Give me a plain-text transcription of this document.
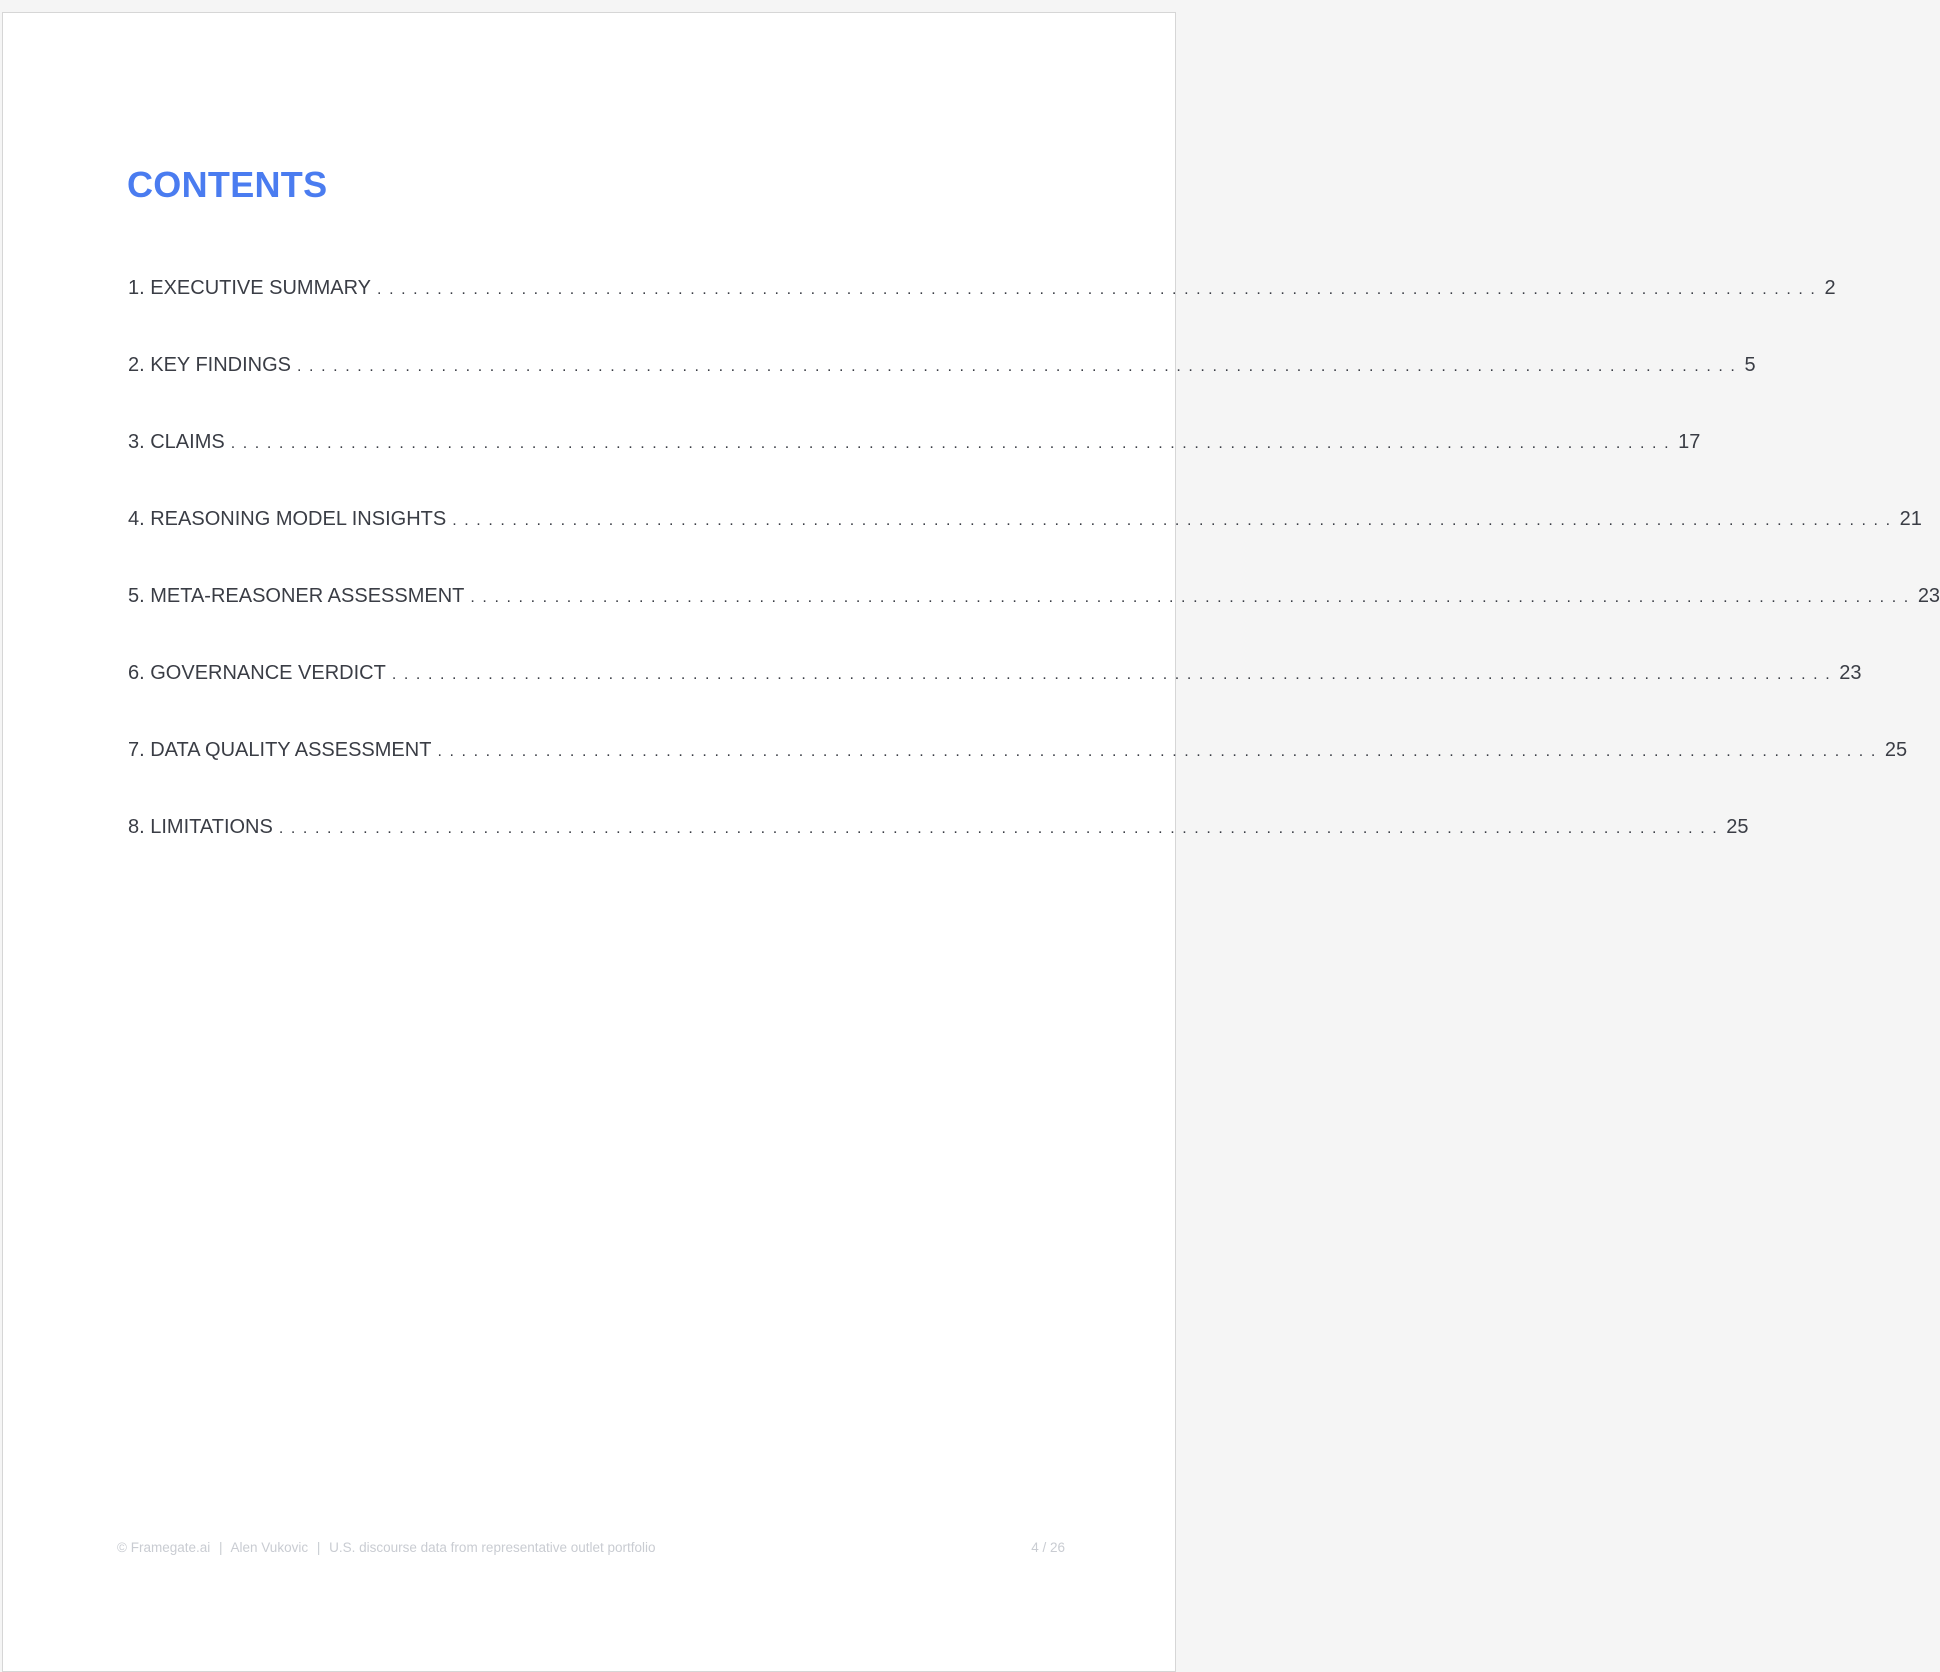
CONTENTS
1. EXECUTIVE SUMMARY ........................................................................................................................ 2
2. KEY FINDINGS ........................................................................................................................ 5
3. CLAIMS ........................................................................................................................ 17
4. REASONING MODEL INSIGHTS ........................................................................................................................ 21
5. META-REASONER ASSESSMENT ........................................................................................................................ 23
6. GOVERNANCE VERDICT ........................................................................................................................ 23
7. DATA QUALITY ASSESSMENT ........................................................................................................................ 25
8. LIMITATIONS ........................................................................................................................ 25
© Framegate.ai | Alen Vukovic | U.S. discourse data from representative outlet portfolio	4 / 26
